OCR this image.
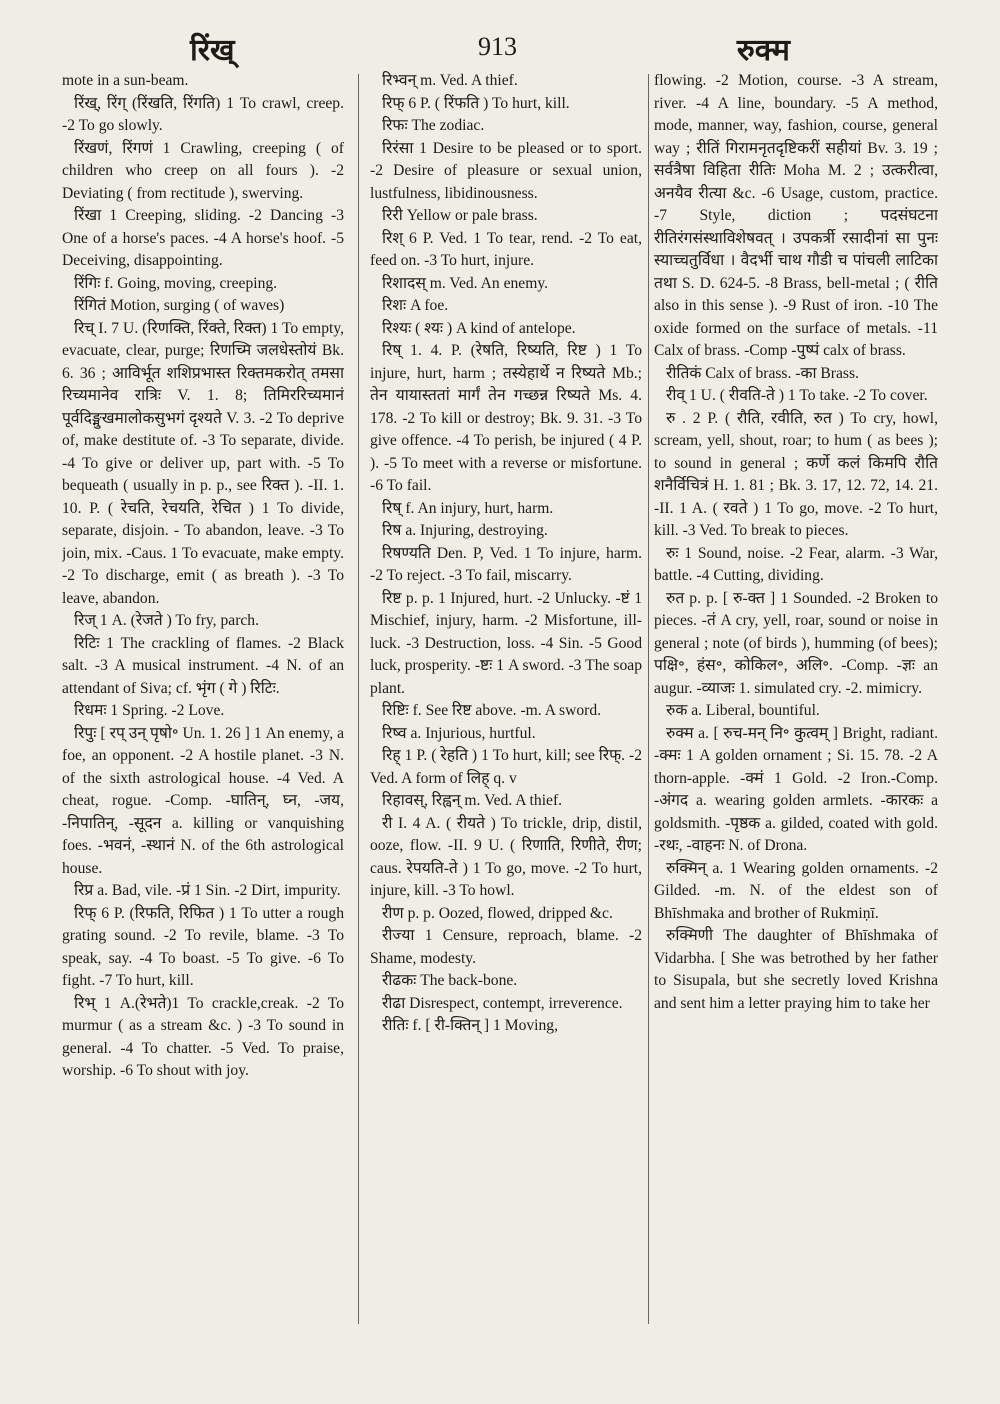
रिंख्	913	रुक्म

mote in a sun-beam.

रिंख्, रिंग् (रिंखति, रिंगति) 1 To crawl, creep. -2 To go slowly.

रिंखणं, रिंगणं 1 Crawling, creeping ( of children who creep on all fours ). -2 Deviating ( from rectitude ), swerving.

रिंखा 1 Creeping, sliding. -2 Dancing -3 One of a horse's paces. -4 A horse's hoof. -5 Deceiving, disappointing.

रिंगिः f. Going, moving, creeping.

रिंगितं Motion, surging ( of waves)

रिच् I. 7 U. (रिणक्ति, रिंक्ते, रिक्त) 1 To empty, evacuate, clear, purge; रिणच्मि जलधेस्तोयं Bk. 6. 36 ; आविर्भूत शशिप्रभास्त रिक्तमकरोत् तमसा रिच्यमानेव रात्रिः V. 1. 8; तिमिररिच्यमानं पूर्वदिङ्मुखमालोकसुभगं दृश्यते V. 3. -2 To deprive of, make destitute of. -3 To separate, divide. -4 To give or deliver up, part with. -5 To bequeath ( usually in p. p., see रिक्त ). -II. 1. 10. P. ( रेचति, रेचयति, रेचित ) 1 To divide, separate, disjoin. - To abandon, leave. -3 To join, mix. -Caus. 1 To evacuate, make empty. -2 To discharge, emit ( as breath ). -3 To leave, abandon.

रिज् 1 A. (रेजते ) To fry, parch.

रिटिः 1 The crackling of flames. -2 Black salt. -3 A musical instrument. -4 N. of an attendant of Siva; cf. भृंग ( गे ) रिटिः.

रिधमः 1 Spring. -2 Love.

रिपुः [ रप् उन् पृषो॰ Un. 1. 26 ] 1 An enemy, a foe, an opponent. -2 A hostile planet. -3 N. of the sixth astrological house. -4 Ved. A cheat, rogue. -Comp. -घातिन्, घ्न, -जय, -निपातिन्, -सूदन a. killing or vanquishing foes. -भवनं, -स्थानं N. of the 6th astrological house.

रिप्र a. Bad, vile. -प्रं 1 Sin. -2 Dirt, impurity.

रिफ् 6 P. (रिफति, रिफित ) 1 To utter a rough grating sound. -2 To revile, blame. -3 To speak, say. -4 To boast. -5 To give. -6 To fight. -7 To hurt, kill.

रिभ् 1 A.(रेभते)1 To crackle,creak. -2 To murmur ( as a stream &c. ) -3 To sound in general. -4 To chatter. -5 Ved. To praise, worship. -6 To shout with joy.

रिभ्वन् m. Ved. A thief.

रिफ् 6 P. ( रिंफति ) To hurt, kill.

रिफः The zodiac.

रिरंसा 1 Desire to be pleased or to sport. -2 Desire of pleasure or sexual union, lustfulness, libidinousness.

रिरी Yellow or pale brass.

रिश् 6 P. Ved. 1 To tear, rend. -2 To eat, feed on. -3 To hurt, injure.

रिशादस् m. Ved. An enemy.

रिशः A foe.

रिश्यः ( श्यः ) A kind of antelope.

रिष् 1. 4. P. (रेषति, रिष्यति, रिष्ट ) 1 To injure, hurt, harm ; तस्येहार्थे न रिष्यते Mb.; तेन यायास्ततां मार्गं तेन गच्छन्न रिष्यते Ms. 4. 178. -2 To kill or destroy; Bk. 9. 31. -3 To give offence. -4 To perish, be injured ( 4 P. ). -5 To meet with a reverse or misfortune. -6 To fail.

रिष् f. An injury, hurt, harm.

रिष a. Injuring, destroying.

रिषण्यति Den. P, Ved. 1 To injure, harm. -2 To reject. -3 To fail, miscarry.

रिष्ट p. p. 1 Injured, hurt. -2 Unlucky. -ष्टं 1 Mischief, injury, harm. -2 Misfortune, ill-luck. -3 Destruction, loss. -4 Sin. -5 Good luck, prosperity. -ष्टः 1 A sword. -3 The soap plant.

रिष्टिः f. See रिष्ट above. -m. A sword.

रिष्व a. Injurious, hurtful.

रिह् 1 P. ( रेहति ) 1 To hurt, kill; see रिफ्. -2 Ved. A form of लिह् q. v

रिहावस्, रिह्वन् m. Ved. A thief.

री I. 4 A. ( रीयते ) To trickle, drip, distil, ooze, flow. -II. 9 U. ( रिणाति, रिणीते, रीण; caus. रेपयति-ते ) 1 To go, move. -2 To hurt, injure, kill. -3 To howl.

रीण p. p. Oozed, flowed, dripped &c.

रीज्या 1 Censure, reproach, blame. -2 Shame, modesty.

रीढकः The back-bone.

रीढा Disrespect, contempt, irreverence.

रीतिः f. [ री-क्तिन् ] 1 Moving,

flowing. -2 Motion, course. -3 A stream, river. -4 A line, boundary. -5 A method, mode, manner, way, fashion, course, general way ; रीतिं गिरामनृतदृष्टिकरीं सहीयां Bv. 3. 19 ; सर्वत्रैषा विहिता रीतिः Moha M. 2 ; उत्करीत्वा, अनयैव रीत्या &c. -6 Usage, custom, practice. -7 Style, diction ; पदसंघटना रीतिरंगसंस्थाविशेषवत् । उपकर्त्री रसादीनां सा पुनः स्याच्चतुर्विधा । वैदर्भी चाथ गौडी च पांचली लाटिका तथा S. D. 624-5. -8 Brass, bell-metal ; ( रीति also in this sense ). -9 Rust of iron. -10 The oxide formed on the surface of metals. -11 Calx of brass. -Comp -पुष्पं calx of brass.

रीतिकं Calx of brass. -का Brass.

रीव् 1 U. ( रीवति-ते ) 1 To take. -2 To cover.

रु . 2 P. ( रौति, रवीति, रुत ) To cry, howl, scream, yell, shout, roar; to hum ( as bees ); to sound in general ; कर्णे कलं किमपि रौति शनैर्विचित्रं H. 1. 81 ; Bk. 3. 17, 12. 72, 14. 21. -II. 1 A. ( रवते ) 1 To go, move. -2 To hurt, kill. -3 Ved. To break to pieces.

रुः 1 Sound, noise. -2 Fear, alarm. -3 War, battle. -4 Cutting, dividing.

रुत p. p. [ रु-क्त ] 1 Sounded. -2 Broken to pieces. -तं A cry, yell, roar, sound or noise in general ; note (of birds ), humming (of bees); पक्षि॰, हंस॰, कोकिल॰, अलि॰. -Comp. -ज्ञः an augur. -व्याजः 1. simulated cry. -2. mimicry.

रुक a. Liberal, bountiful.

रुक्म a. [ रुच-मन् नि॰ कुत्वम् ] Bright, radiant. -क्मः 1 A golden ornament ; Si. 15. 78. -2 A thorn-apple. -क्मं 1 Gold. -2 Iron.-Comp. -अंगद a. wearing golden armlets. -कारकः a goldsmith. -पृष्ठक a. gilded, coated with gold. -रथः, -वाहनः N. of Drona.

रुक्मिन् a. 1 Wearing golden ornaments. -2 Gilded. -m. N. of the eldest son of Bhīshmaka and brother of Rukmiṇī.

रुक्मिणी The daughter of Bhīshmaka of Vidarbha. [ She was betrothed by her father to Sisupala, but she secretly loved Krishna and sent him a letter praying him to take her
